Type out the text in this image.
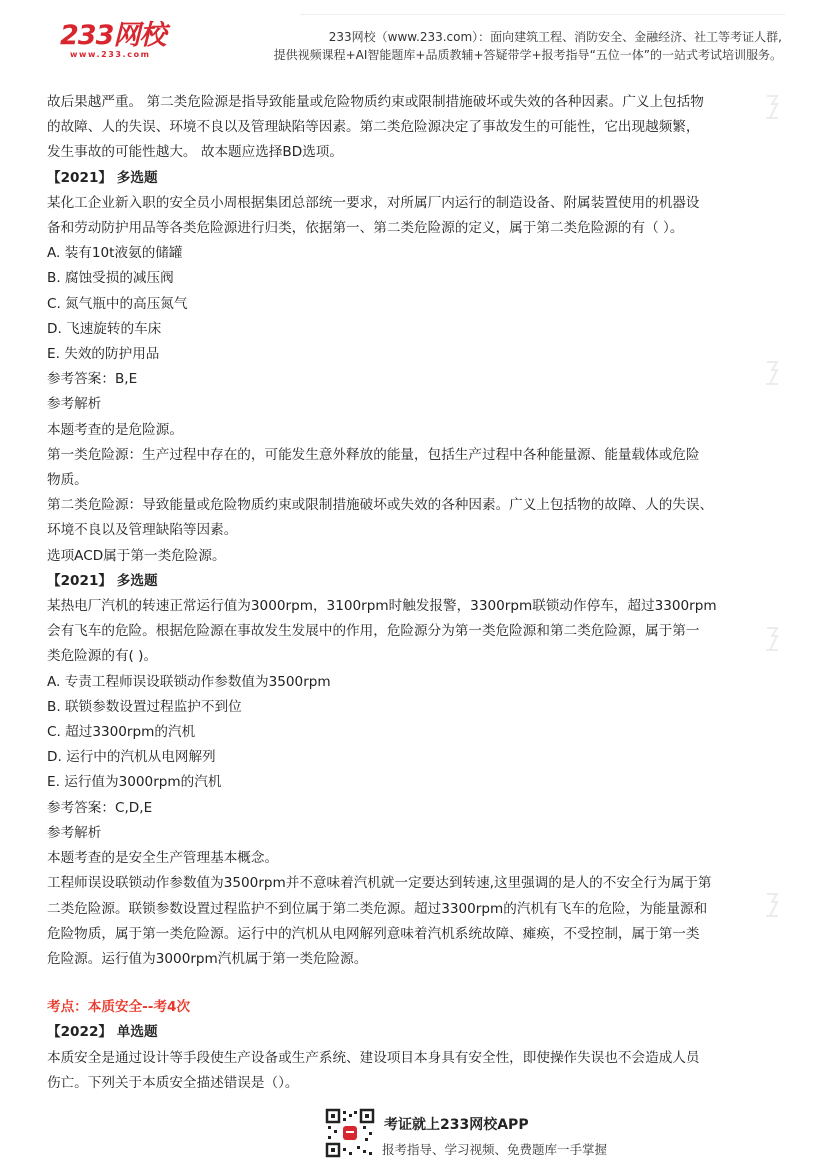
233网校
www.233.com
233网校（www.233.com）：面向建筑工程、消防安全、金融经济、社工等考证人群,
提供视频课程+AI智能题库+品质教辅+答疑带学+报考指导“五位一体”的一站式考试培训服务。

故后果越严重。 第二类危险源是指导致能量或危险物质约束或限制措施破坏或失效的各种因素。广义上包括物

的故障、人的失误、环境不良以及管理缺陷等因素。第二类危险源决定了事故发生的可能性，它出现越频繁，

发生事故的可能性越大。 故本题应选择BD选项。

【2021】 多选题

某化工企业新入职的安全员小周根据集团总部统一要求，对所属厂内运行的制造设备、附属装置使用的机器设

备和劳动防护用品等各类危险源进行归类，依据第一、第二类危险源的定义，属于第二类危险源的有（ ）。

A. 装有10t液氨的储罐

B. 腐蚀受损的减压阀

C. 氮气瓶中的高压氮气

D. 飞速旋转的车床

E. 失效的防护用品

参考答案：B,E

参考解析

本题考查的是危险源。

第一类危险源：生产过程中存在的，可能发生意外释放的能量，包括生产过程中各种能量源、能量载体或危险

物质。

第二类危险源：导致能量或危险物质约束或限制措施破坏或失效的各种因素。广义上包括物的故障、人的失误、

环境不良以及管理缺陷等因素。

选项ACD属于第一类危险源。

【2021】 多选题

某热电厂汽机的转速正常运行值为3000rpm，3100rpm时触发报警，3300rpm联锁动作停车，超过3300rpm

会有飞车的危险。根据危险源在事故发生发展中的作用，危险源分为第一类危险源和第二类危险源，属于第一

类危险源的有( )。

A. 专责工程师误设联锁动作参数值为3500rpm

B. 联锁参数设置过程监护不到位

C. 超过3300rpm的汽机

D. 运行中的汽机从电网解列

E. 运行值为3000rpm的汽机

参考答案：C,D,E

参考解析

本题考查的是安全生产管理基本概念。

工程师误设联锁动作参数值为3500rpm并不意味着汽机就一定要达到转速,这里强调的是人的不安全行为属于第

二类危险源。联锁参数设置过程监护不到位属于第二类危源。超过3300rpm的汽机有飞车的危险，为能量源和

危险物质，属于第一类危险源。运行中的汽机从电网解列意味着汽机系统故障、瘫痪，不受控制，属于第一类

危险源。运行值为3000rpm汽机属于第一类危险源。

考点：本质安全--考4次

【2022】 单选题

本质安全是通过设计等手段使生产设备或生产系统、建设项目本身具有安全性，即使操作失误也不会造成人员

伤亡。下列关于本质安全描述错误是（）。

考证就上233网校APP
报考指导、学习视频、免费题库一手掌握
